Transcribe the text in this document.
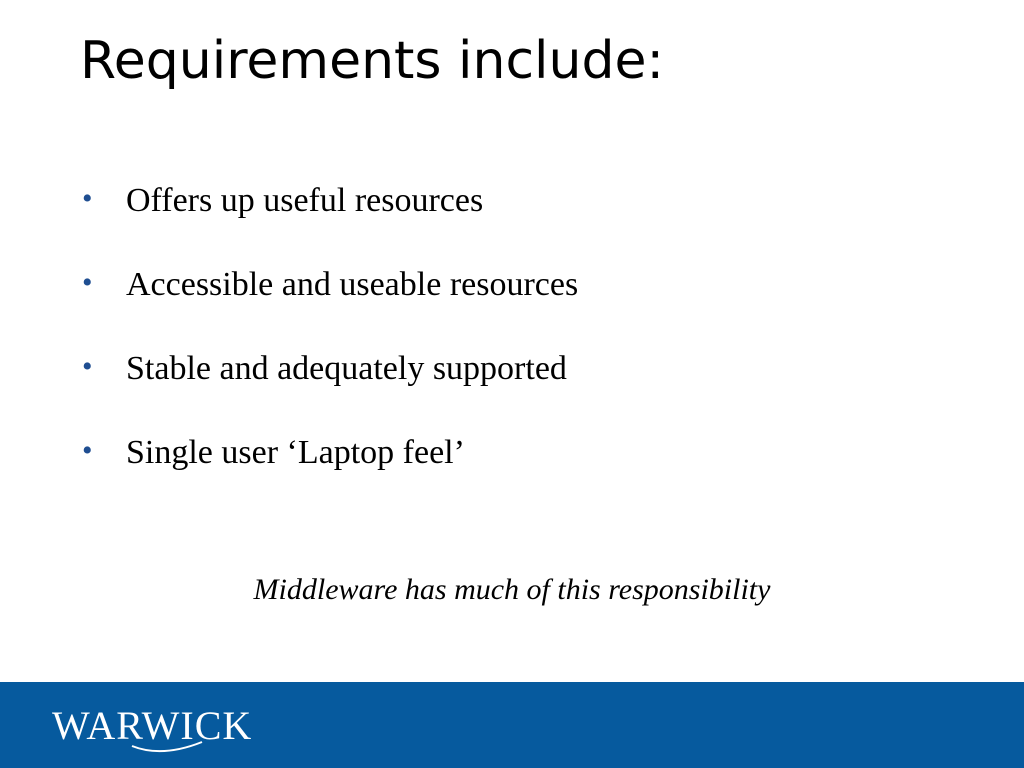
Requirements include:
• Offers up useful resources
• Accessible and useable resources
• Stable and adequately supported
• Single user ‘Laptop feel’

Middleware has much of this responsibility

WARWICK
